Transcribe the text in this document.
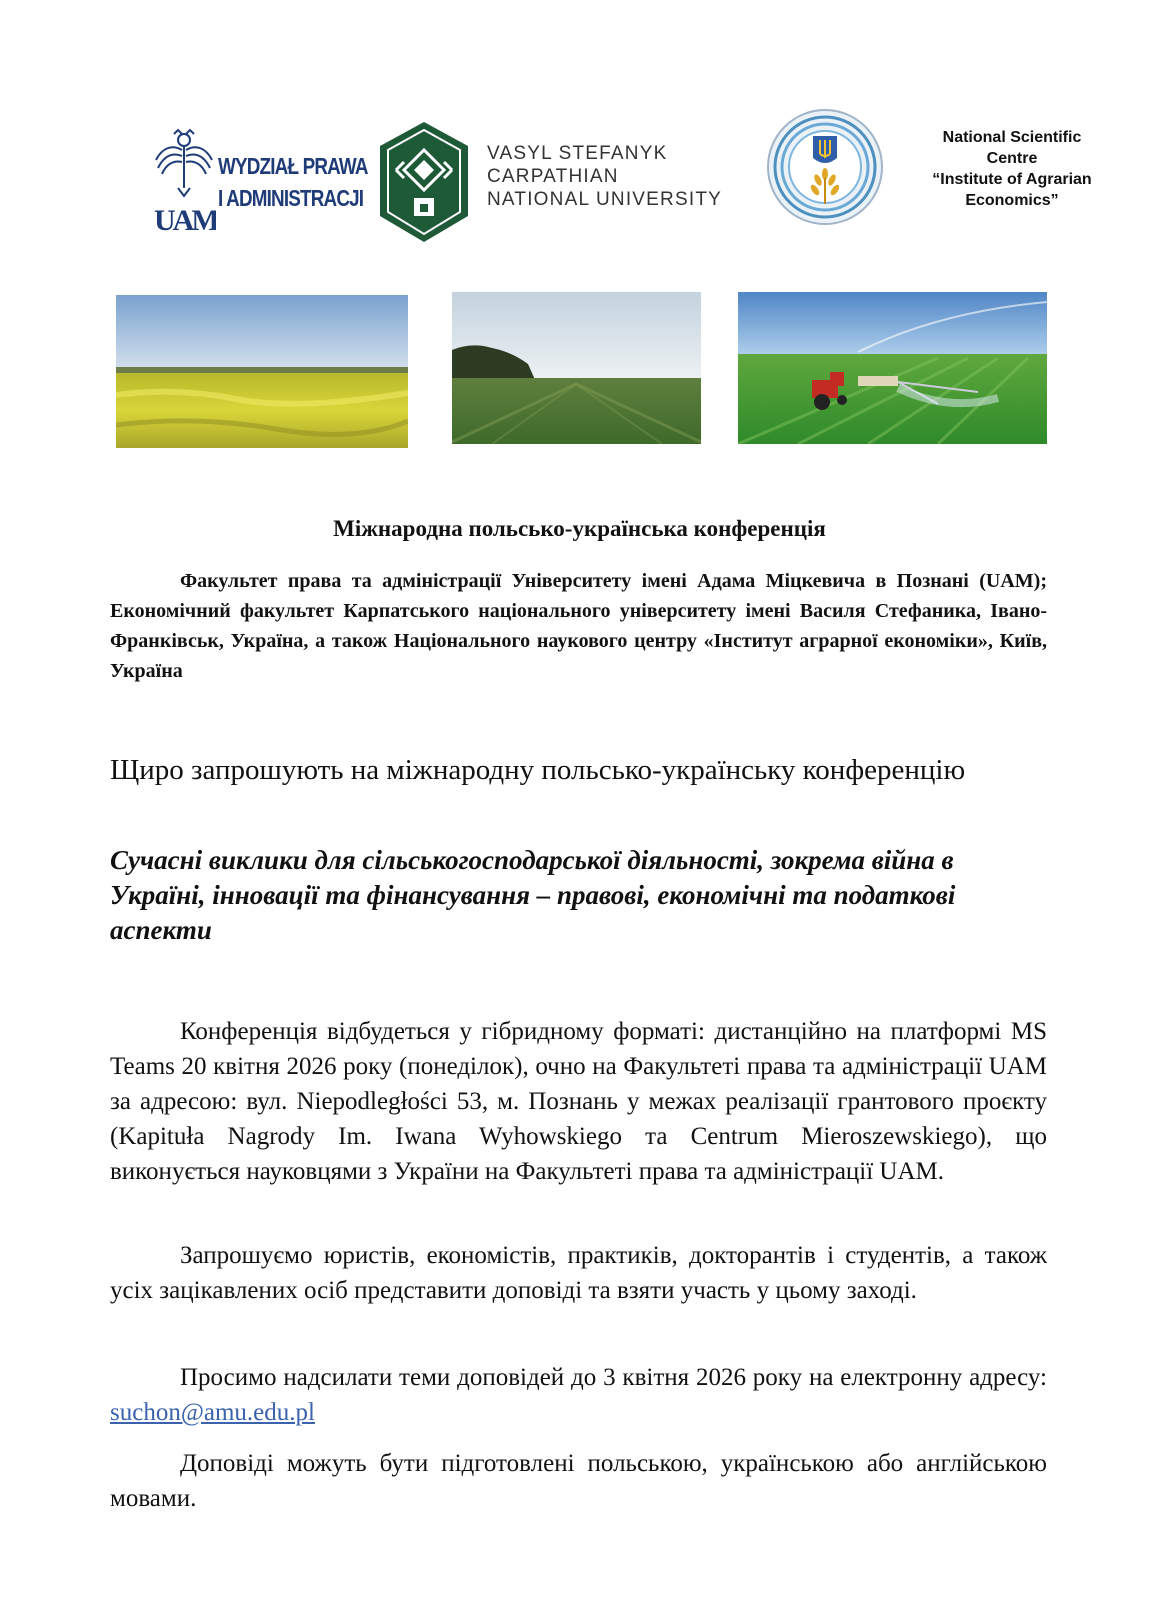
UAM
WYDZIAŁ PRAWA
I ADMINISTRACJI
VASYL STEFANYK
CARPATHIAN
NATIONAL UNIVERSITY
National Scientific
Centre
“Institute of Agrarian
Economics”
Міжнародна польсько-українська конференція
Факультет права та адміністрації Університету імені Адама Міцкевича в Познані (UAM); Економічний факультет Карпатського національного університету імені Василя Стефаника, Івано-Франківськ, Україна, а також Національного наукового центру «Інститут аграрної економіки», Київ, Україна
Щиро запрошують на міжнародну польсько-українську конференцію
Сучасні виклики для сільськогосподарської діяльності, зокрема війна в Україні, інновації та фінансування – правові, економічні та податкові аспекти

Конференція відбудеться у гібридному форматі: дистанційно на платформі MS Teams 20 квітня 2026 року (понеділок), очно на Факультеті права та адміністрації UAM за адресою: вул. Niepodległości 53, м. Познань у межах реалізації грантового проєкту (Kapituła Nagrody Im. Iwana Wyhowskiego та Centrum Mieroszewskiego), що виконується науковцями з України на Факультеті права та адміністрації UAM.

Запрошуємо юристів, економістів, практиків, докторантів і студентів, а також усіх зацікавлених осіб представити доповіді та взяти участь у цьому заході.

Просимо надсилати теми доповідей до 3 квітня 2026 року на електронну адресу: suchon@amu.edu.pl

Доповіді можуть бути підготовлені польською, українською або англійською мовами.
